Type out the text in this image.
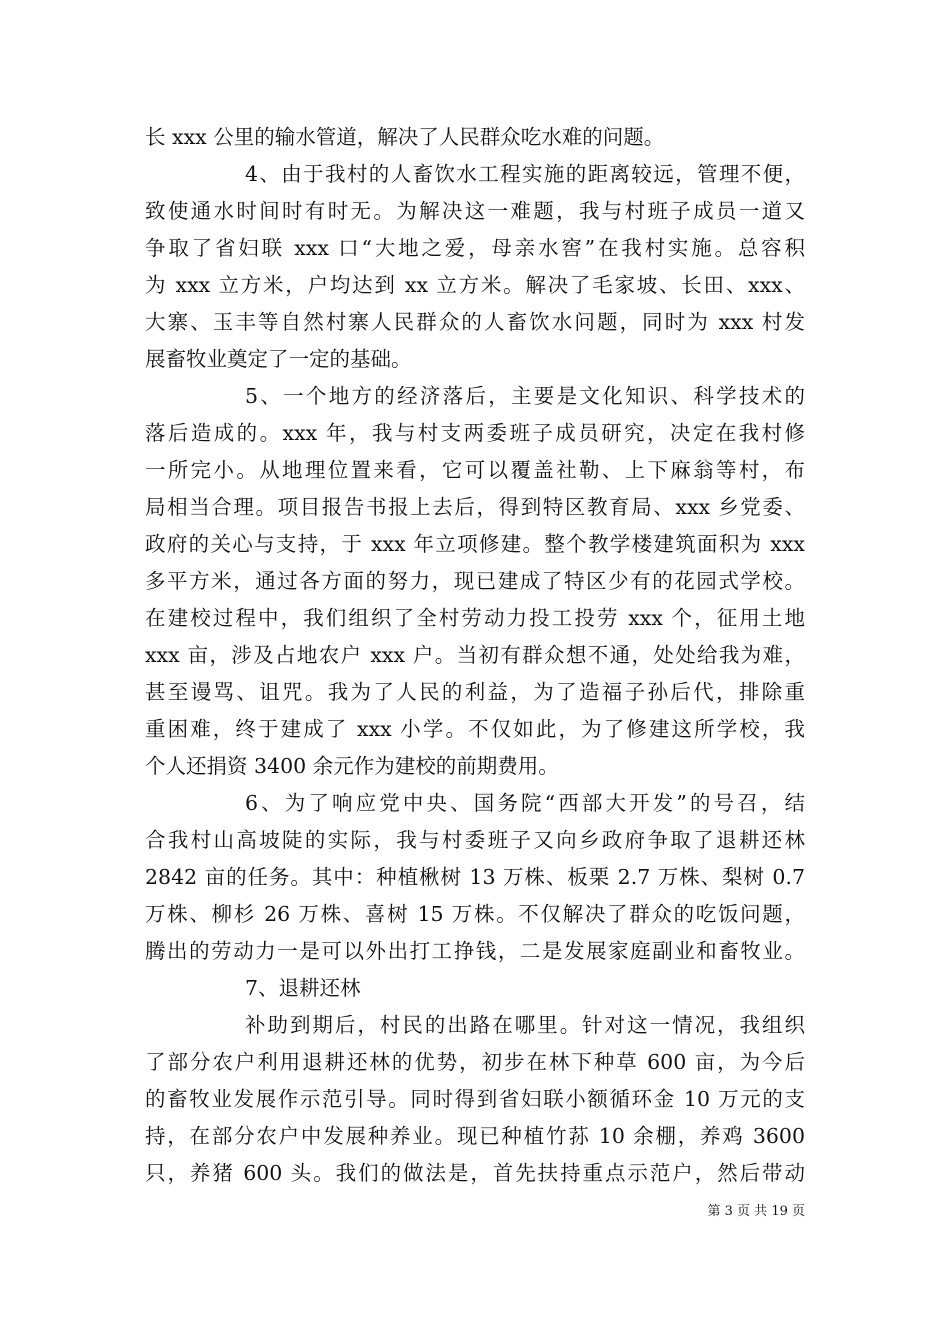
长 xxx 公里的输水管道，解决了人民群众吃水难的问题。
4、由于我村的人畜饮水工程实施的距离较远，管理不便，
致使通水时间时有时无。为解决这一难题，我与村班子成员一道又
争取了省妇联 xxx 口“大地之爱，母亲水窖”在我村实施。总容积
为 xxx 立方米，户均达到 xx 立方米。解决了毛家坡、长田、xxx、
大寨、玉丰等自然村寨人民群众的人畜饮水问题，同时为 xxx 村发
展畜牧业奠定了一定的基础。
5、一个地方的经济落后，主要是文化知识、科学技术的
落后造成的。xxx 年，我与村支两委班子成员研究，决定在我村修
一所完小。从地理位置来看，它可以覆盖社勒、上下麻翁等村，布
局相当合理。项目报告书报上去后，得到特区教育局、xxx 乡党委、
政府的关心与支持，于 xxx 年立项修建。整个教学楼建筑面积为 xxx
多平方米，通过各方面的努力，现已建成了特区少有的花园式学校。
在建校过程中，我们组织了全村劳动力投工投劳 xxx 个，征用土地
xxx 亩，涉及占地农户 xxx 户。当初有群众想不通，处处给我为难，
甚至谩骂、诅咒。我为了人民的利益，为了造福子孙后代，排除重
重困难，终于建成了 xxx 小学。不仅如此，为了修建这所学校，我
个人还捐资 3400 余元作为建校的前期费用。
6、为了响应党中央、国务院“西部大开发”的号召，结
合我村山高坡陡的实际，我与村委班子又向乡政府争取了退耕还林
2842 亩的任务。其中：种植楸树 13 万株、板栗 2.7 万株、梨树 0.7
万株、柳杉 26 万株、喜树 15 万株。不仅解决了群众的吃饭问题，
腾出的劳动力一是可以外出打工挣钱，二是发展家庭副业和畜牧业。
7、退耕还林
补助到期后，村民的出路在哪里。针对这一情况，我组织
了部分农户利用退耕还林的优势，初步在林下种草 600 亩，为今后
的畜牧业发展作示范引导。同时得到省妇联小额循环金 10 万元的支
持，在部分农户中发展种养业。现已种植竹荪 10 余棚，养鸡 3600
只，养猪 600 头。我们的做法是，首先扶持重点示范户，然后带动
第 3 页 共 19 页
